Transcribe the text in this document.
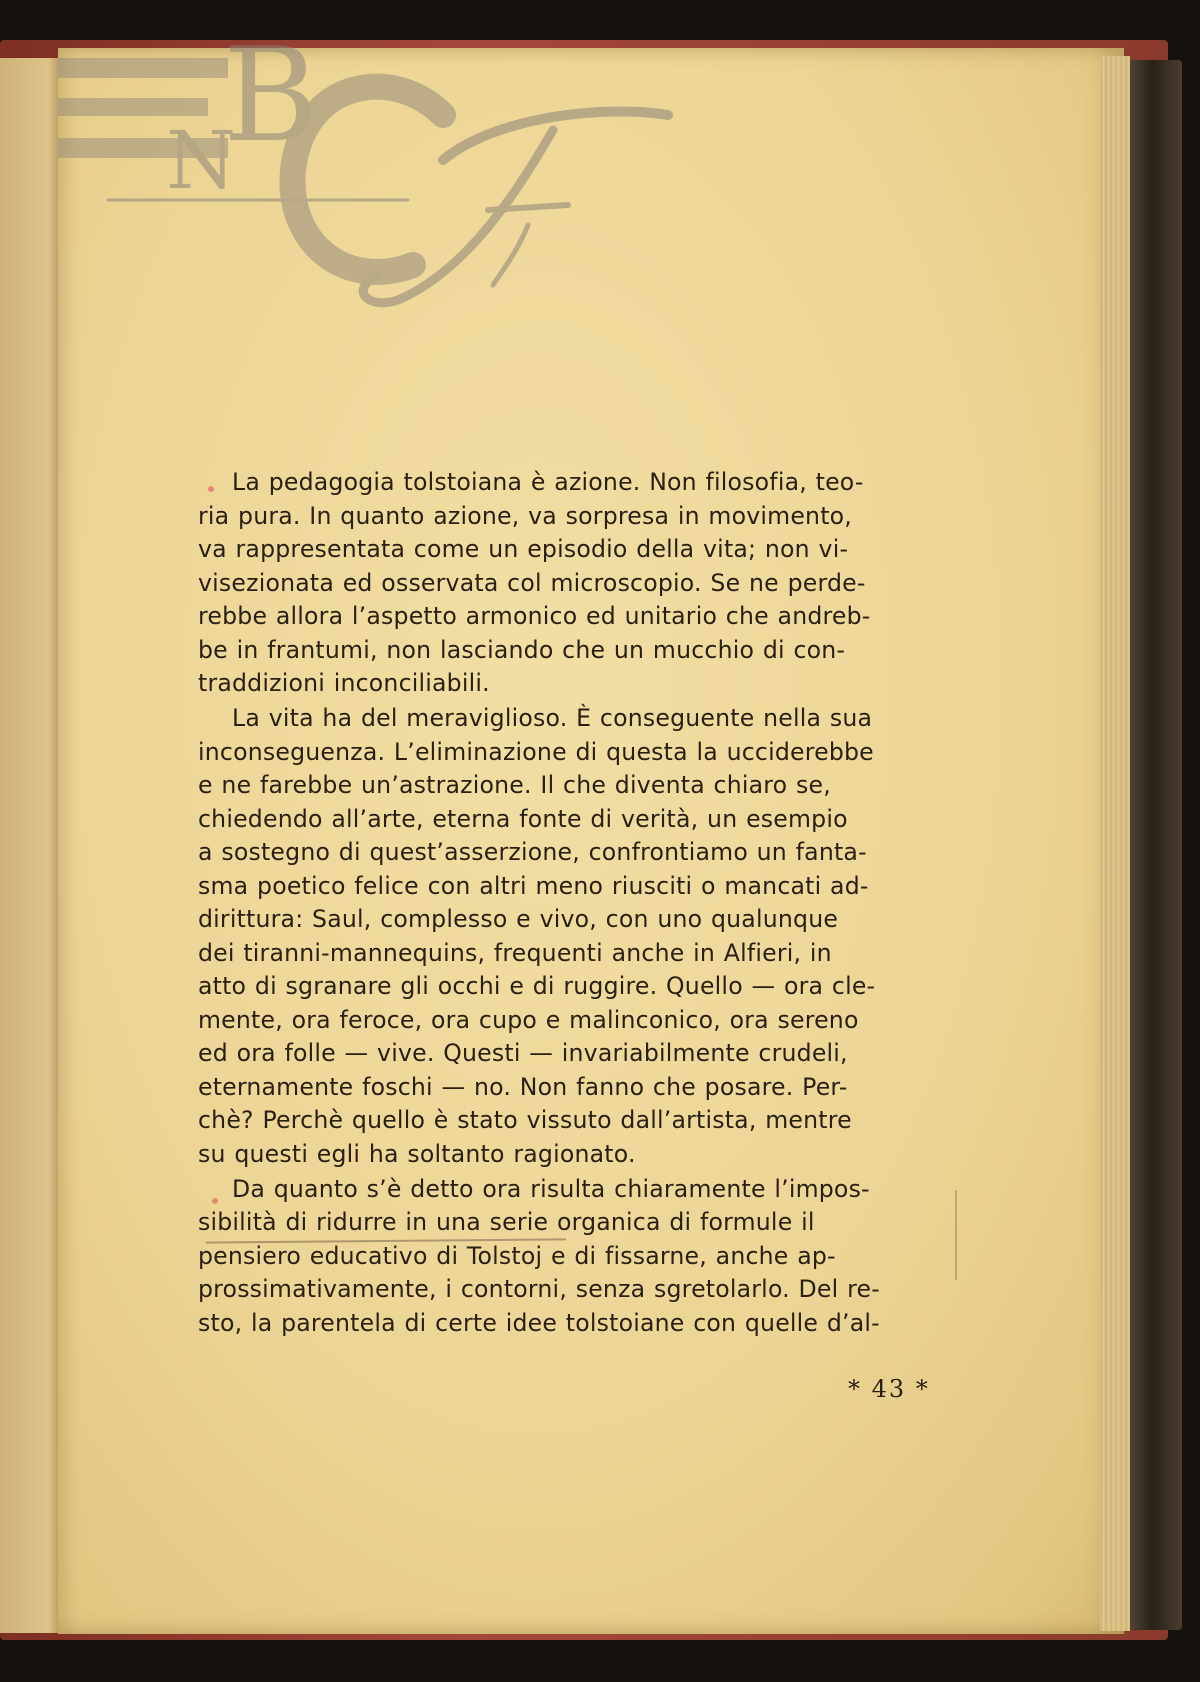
N
B

La pedagogia tolstoiana è azione. Non filosofia, teo-
ria pura. In quanto azione, va sorpresa in movimento,
va rappresentata come un episodio della vita; non vi-
visezionata ed osservata col microscopio. Se ne perde-
rebbe allora l’aspetto armonico ed unitario che andreb-
be in frantumi, non lasciando che un mucchio di con-
traddizioni inconciliabili.

La vita ha del meraviglioso. È conseguente nella sua
inconseguenza. L’eliminazione di questa la ucciderebbe
e ne farebbe un’astrazione. Il che diventa chiaro se,
chiedendo all’arte, eterna fonte di verità, un esempio
a sostegno di quest’asserzione, confrontiamo un fanta-
sma poetico felice con altri meno riusciti o mancati ad-
dirittura: Saul, complesso e vivo, con uno qualunque
dei tiranni-mannequins, frequenti anche in Alfieri, in
atto di sgranare gli occhi e di ruggire. Quello — ora cle-
mente, ora feroce, ora cupo e malinconico, ora sereno
ed ora folle — vive. Questi — invariabilmente crudeli,
eternamente foschi — no. Non fanno che posare. Per-
chè? Perchè quello è stato vissuto dall’artista, mentre
su questi egli ha soltanto ragionato.

Da quanto s’è detto ora risulta chiaramente l’impos-
sibilità di ridurre in una serie organica di formule il
pensiero educativo di Tolstoj e di fissarne, anche ap-
prossimativamente, i contorni, senza sgretolarlo. Del re-
sto, la parentela di certe idee tolstoiane con quelle d’al-

* 43 *
